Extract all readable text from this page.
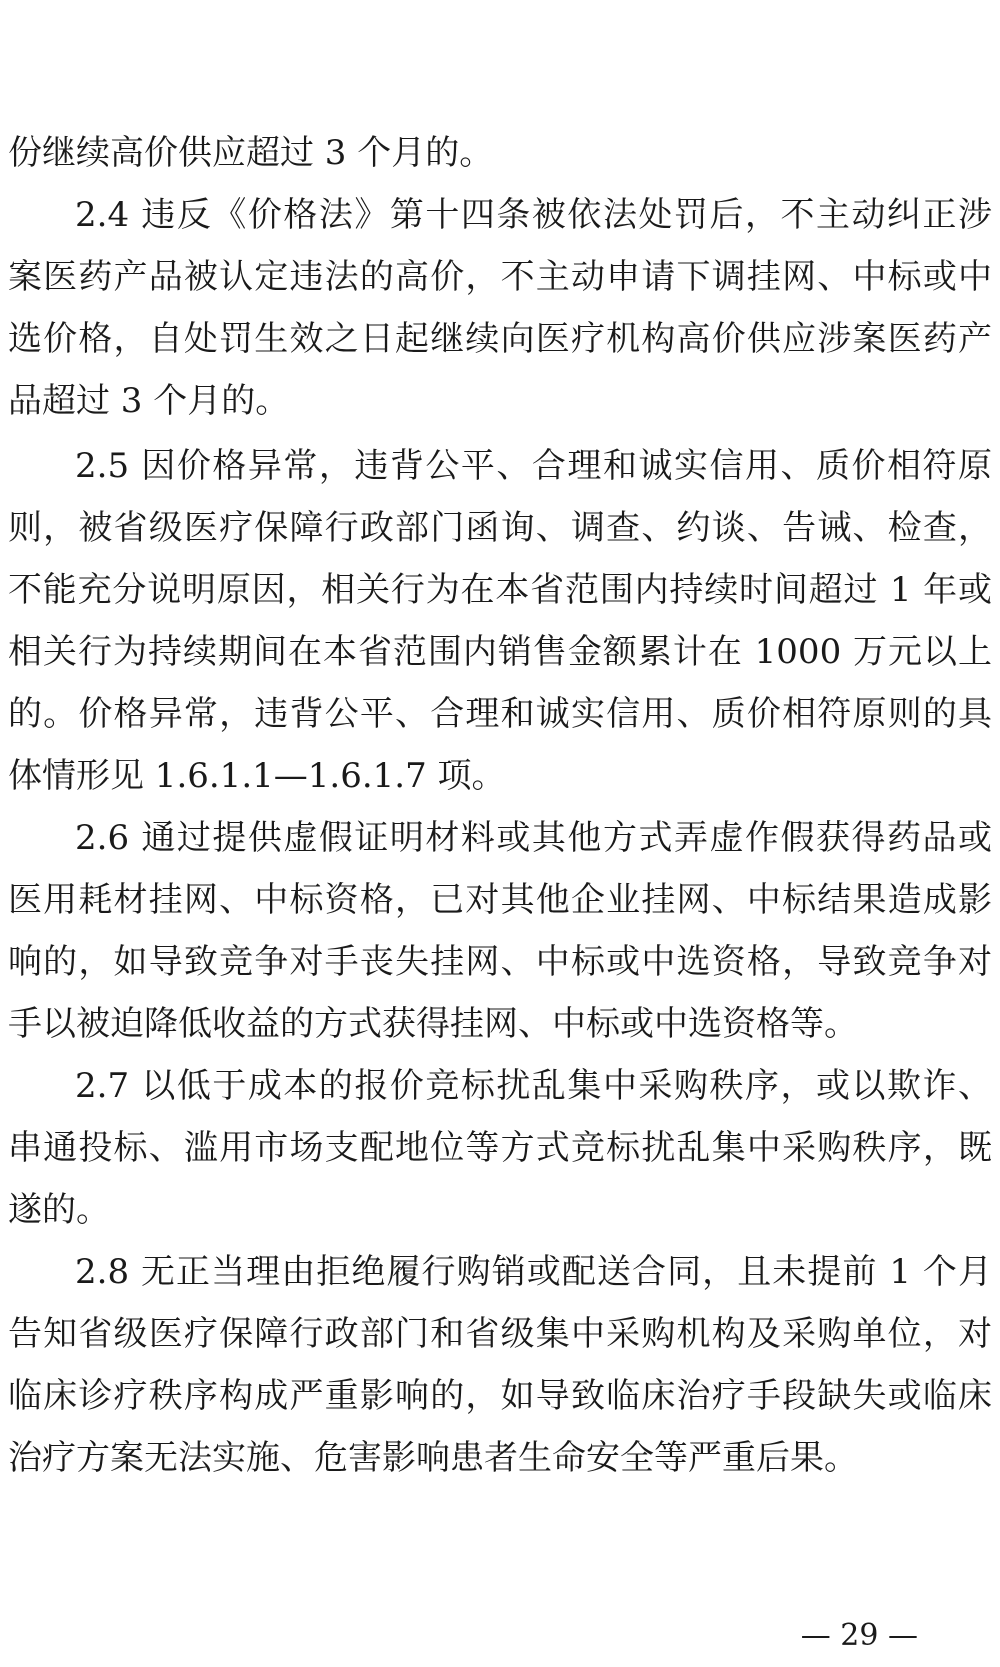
份继续高价供应超过 3 个月的。
2.4 违反《价格法》第十四条被依法处罚后，不主动纠正涉
案医药产品被认定违法的高价，不主动申请下调挂网、中标或中
选价格，自处罚生效之日起继续向医疗机构高价供应涉案医药产
品超过 3 个月的。
2.5 因价格异常，违背公平、合理和诚实信用、质价相符原
则，被省级医疗保障行政部门函询、调查、约谈、告诫、检查，
不能充分说明原因，相关行为在本省范围内持续时间超过 1 年或
相关行为持续期间在本省范围内销售金额累计在 1000 万元以上
的。价格异常，违背公平、合理和诚实信用、质价相符原则的具
体情形见 1.6.1.1—1.6.1.7 项。
2.6 通过提供虚假证明材料或其他方式弄虚作假获得药品或
医用耗材挂网、中标资格，已对其他企业挂网、中标结果造成影
响的，如导致竞争对手丧失挂网、中标或中选资格，导致竞争对
手以被迫降低收益的方式获得挂网、中标或中选资格等。
2.7 以低于成本的报价竞标扰乱集中采购秩序，或以欺诈、
串通投标、滥用市场支配地位等方式竞标扰乱集中采购秩序，既
遂的。
2.8 无正当理由拒绝履行购销或配送合同，且未提前 1 个月
告知省级医疗保障行政部门和省级集中采购机构及采购单位，对
临床诊疗秩序构成严重影响的，如导致临床治疗手段缺失或临床
治疗方案无法实施、危害影响患者生命安全等严重后果。
— 29 —
